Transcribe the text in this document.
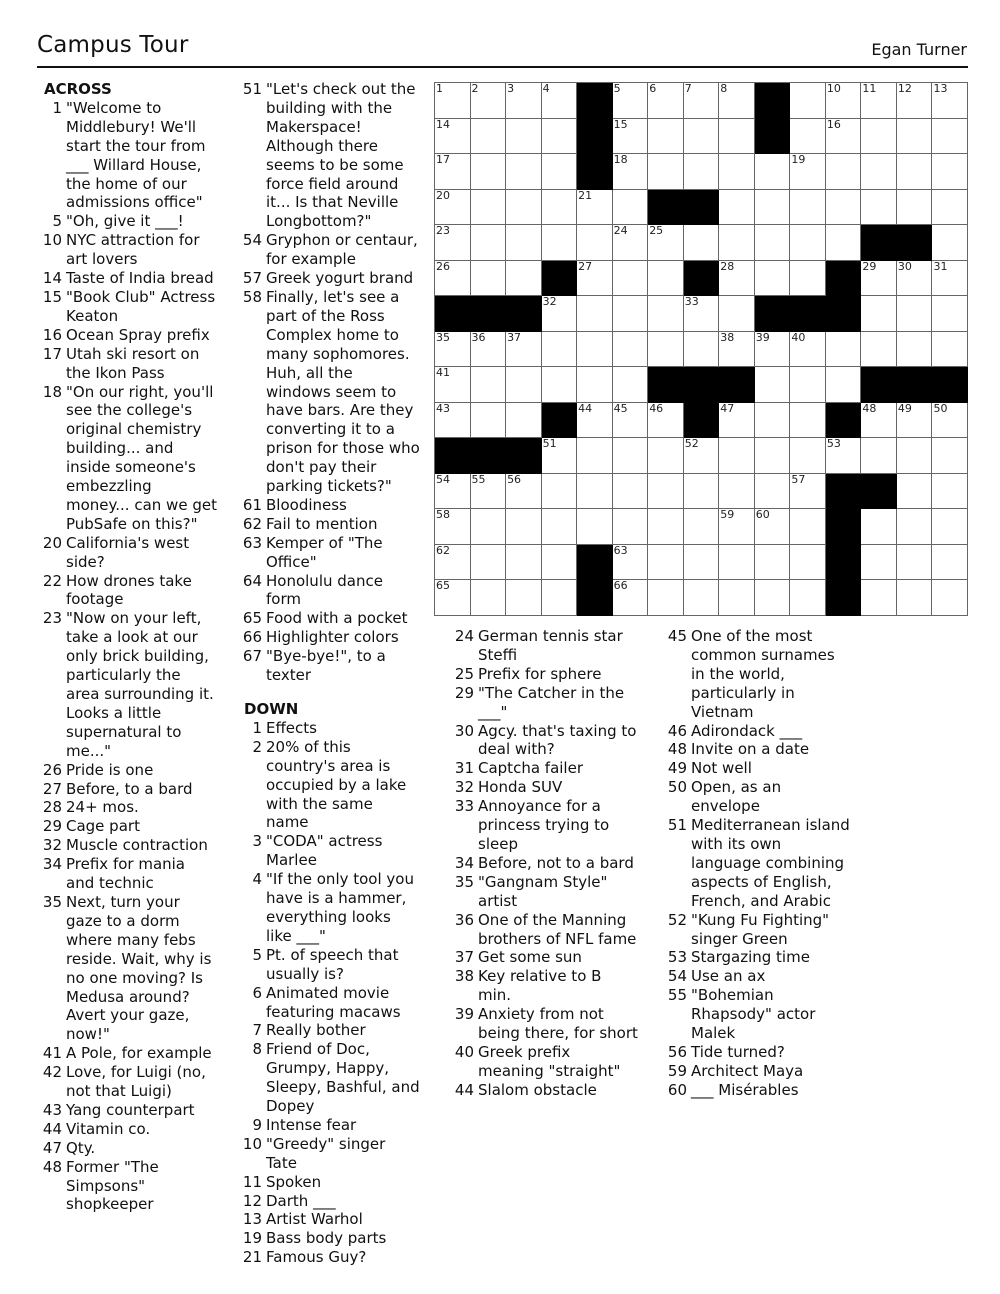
Campus Tour	Egan Turner
1	2	3	4	5	6	7	8	10 11 12 13
14	15	16
17	18	19
20	21
23	24 25
26	27	28	29 30 31
32	33
35 36 37	38 39 40
41
43	44 45 46	47	48 49 50
51	52	53
54 55 56	57
58	59 60
62	63
65	66
ACROSS
1 "Welcome to Middlebury! We'll start the tour from ___ Willard House, the home of our admissions office"
5 "Oh, give it ___!
10 NYC attraction for art lovers
14 Taste of India bread
15 "Book Club" Actress Keaton
16 Ocean Spray prefix
17 Utah ski resort on the Ikon Pass
18 "On our right, you'll see the college's original chemistry building... and inside someone's embezzling money... can we get PubSafe on this?"
20 California's west side?
22 How drones take footage
23 "Now on your left, take a look at our only brick building, particularly the area surrounding it. Looks a little supernatural to me..."
26 Pride is one
27 Before, to a bard
28 24+ mos.
29 Cage part
32 Muscle contraction
34 Prefix for mania and technic
35 Next, turn your gaze to a dorm where many febs reside. Wait, why is no one moving? Is Medusa around? Avert your gaze, now!"
41 A Pole, for example
42 Love, for Luigi (no, not that Luigi)
43 Yang counterpart
44 Vitamin co.
47 Qty.
48 Former "The Simpsons" shopkeeper
51 "Let's check out the building with the Makerspace! Although there seems to be some force field around it... Is that Neville Longbottom?"
54 Gryphon or centaur, for example
57 Greek yogurt brand
58 Finally, let's see a part of the Ross Complex home to many sophomores. Huh, all the windows seem to have bars. Are they converting it to a prison for those who don't pay their parking tickets?"
61 Bloodiness
62 Fail to mention
63 Kemper of "The Office"
64 Honolulu dance form
65 Food with a pocket
66 Highlighter colors
67 "Bye-bye!", to a texter
DOWN
1 Effects
2 20% of this country's area is occupied by a lake with the same name
3 "CODA" actress Marlee
4 "If the only tool you have is a hammer, everything looks like ___"
5 Pt. of speech that usually is?
6 Animated movie featuring macaws
7 Really bother
8 Friend of Doc, Grumpy, Happy, Sleepy, Bashful, and Dopey
9 Intense fear
10 "Greedy" singer Tate
11 Spoken
12 Darth ___
13 Artist Warhol
19 Bass body parts
21 Famous Guy?
24 German tennis star Steffi
25 Prefix for sphere
29 "The Catcher in the ___"
30 Agcy. that's taxing to deal with?
31 Captcha failer
32 Honda SUV
33 Annoyance for a princess trying to sleep
34 Before, not to a bard
35 "Gangnam Style" artist
36 One of the Manning brothers of NFL fame
37 Get some sun
38 Key relative to B min.
39 Anxiety from not being there, for short
40 Greek prefix meaning "straight"
44 Slalom obstacle
45 One of the most common surnames in the world, particularly in Vietnam
46 Adirondack ___
48 Invite on a date
49 Not well
50 Open, as an envelope
51 Mediterranean island with its own language combining aspects of English, French, and Arabic
52 "Kung Fu Fighting" singer Green
53 Stargazing time
54 Use an ax
55 "Bohemian Rhapsody" actor Malek
56 Tide turned?
59 Architect Maya
60 ___ Misérables
